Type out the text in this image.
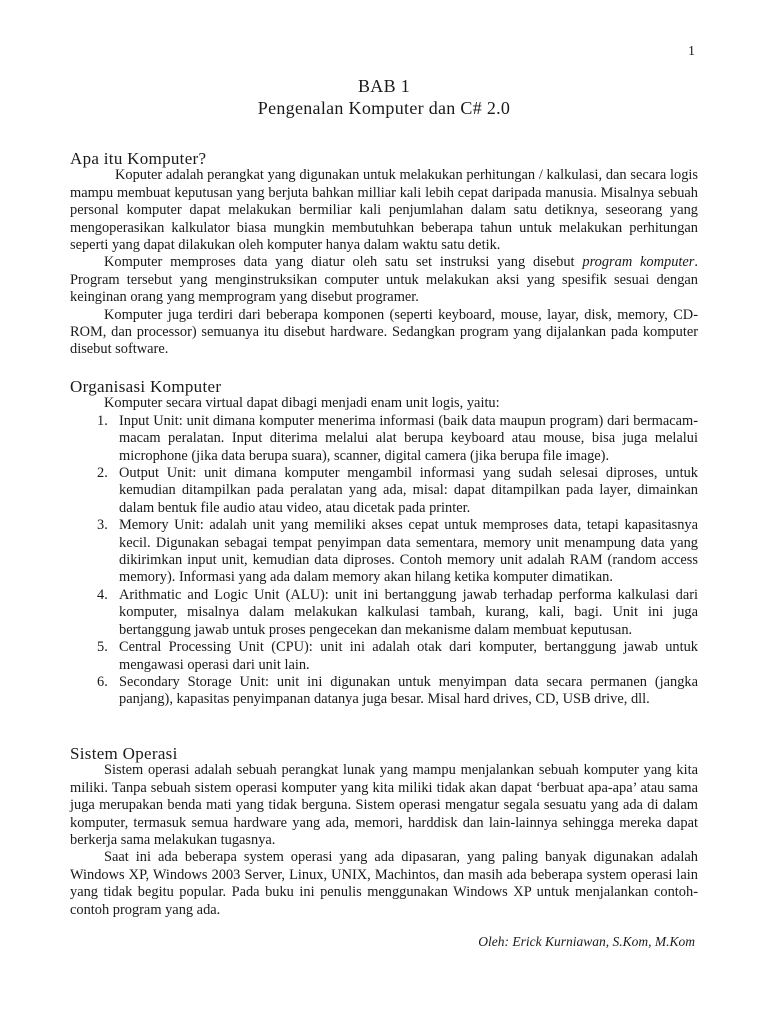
1
BAB 1
Pengenalan Komputer dan C# 2.0
Apa itu Komputer?

Koputer adalah perangkat yang digunakan untuk melakukan perhitungan / kalkulasi, dan secara logis mampu membuat keputusan yang berjuta bahkan milliar kali lebih cepat daripada manusia. Misalnya sebuah personal komputer dapat melakukan bermiliar kali penjumlahan dalam satu detiknya, seseorang yang mengoperasikan kalkulator biasa mungkin membutuhkan beberapa tahun untuk melakukan perhitungan seperti yang dapat dilakukan oleh komputer hanya dalam waktu satu detik.

Komputer memproses data yang diatur oleh satu set instruksi yang disebut program komputer. Program tersebut yang menginstruksikan computer untuk melakukan aksi yang spesifik sesuai dengan keinginan orang yang memprogram yang disebut programer.

Komputer juga terdiri dari beberapa komponen (seperti keyboard, mouse, layar, disk, memory, CD-ROM, dan processor) semuanya itu disebut hardware. Sedangkan program yang dijalankan pada komputer disebut software.

Organisasi Komputer

Komputer secara virtual dapat dibagi menjadi enam unit logis, yaitu:

1. Input Unit: unit dimana komputer menerima informasi (baik data maupun program) dari bermacam-macam peralatan. Input diterima melalui alat berupa keyboard atau mouse, bisa juga melalui microphone (jika data berupa suara), scanner, digital camera (jika berupa file image).
2. Output Unit: unit dimana komputer mengambil informasi yang sudah selesai diproses, untuk kemudian ditampilkan pada peralatan yang ada, misal: dapat ditampilkan pada layer, dimainkan dalam bentuk file audio atau video, atau dicetak pada printer.
3. Memory Unit: adalah unit yang memiliki akses cepat untuk memproses data, tetapi kapasitasnya kecil. Digunakan sebagai tempat penyimpan data sementara, memory unit menampung data yang dikirimkan input unit, kemudian data diproses. Contoh memory unit adalah RAM (random access memory). Informasi yang ada dalam memory akan hilang ketika komputer dimatikan.
4. Arithmatic and Logic Unit (ALU): unit ini bertanggung jawab terhadap performa kalkulasi dari komputer, misalnya dalam melakukan kalkulasi tambah, kurang, kali, bagi. Unit ini juga bertanggung jawab untuk proses pengecekan dan mekanisme dalam membuat keputusan.
5. Central Processing Unit (CPU): unit ini adalah otak dari komputer, bertanggung jawab untuk mengawasi operasi dari unit lain.
6. Secondary Storage Unit: unit ini digunakan untuk menyimpan data secara permanen (jangka panjang), kapasitas penyimpanan datanya juga besar. Misal hard drives, CD, USB drive, dll.
Sistem Operasi

Sistem operasi adalah sebuah perangkat lunak yang mampu menjalankan sebuah komputer yang kita miliki. Tanpa sebuah sistem operasi komputer yang kita miliki tidak akan dapat ‘berbuat apa-apa’ atau sama juga merupakan benda mati yang tidak berguna. Sistem operasi mengatur segala sesuatu yang ada di dalam komputer, termasuk semua hardware yang ada, memori, harddisk dan lain-lainnya sehingga mereka dapat berkerja sama melakukan tugasnya.

Saat ini ada beberapa system operasi yang ada dipasaran, yang paling banyak digunakan adalah Windows XP, Windows 2003 Server, Linux, UNIX, Machintos, dan masih ada beberapa system operasi lain yang tidak begitu popular. Pada buku ini penulis menggunakan Windows XP untuk menjalankan contoh-contoh program yang ada.

Oleh: Erick Kurniawan, S.Kom, M.Kom
